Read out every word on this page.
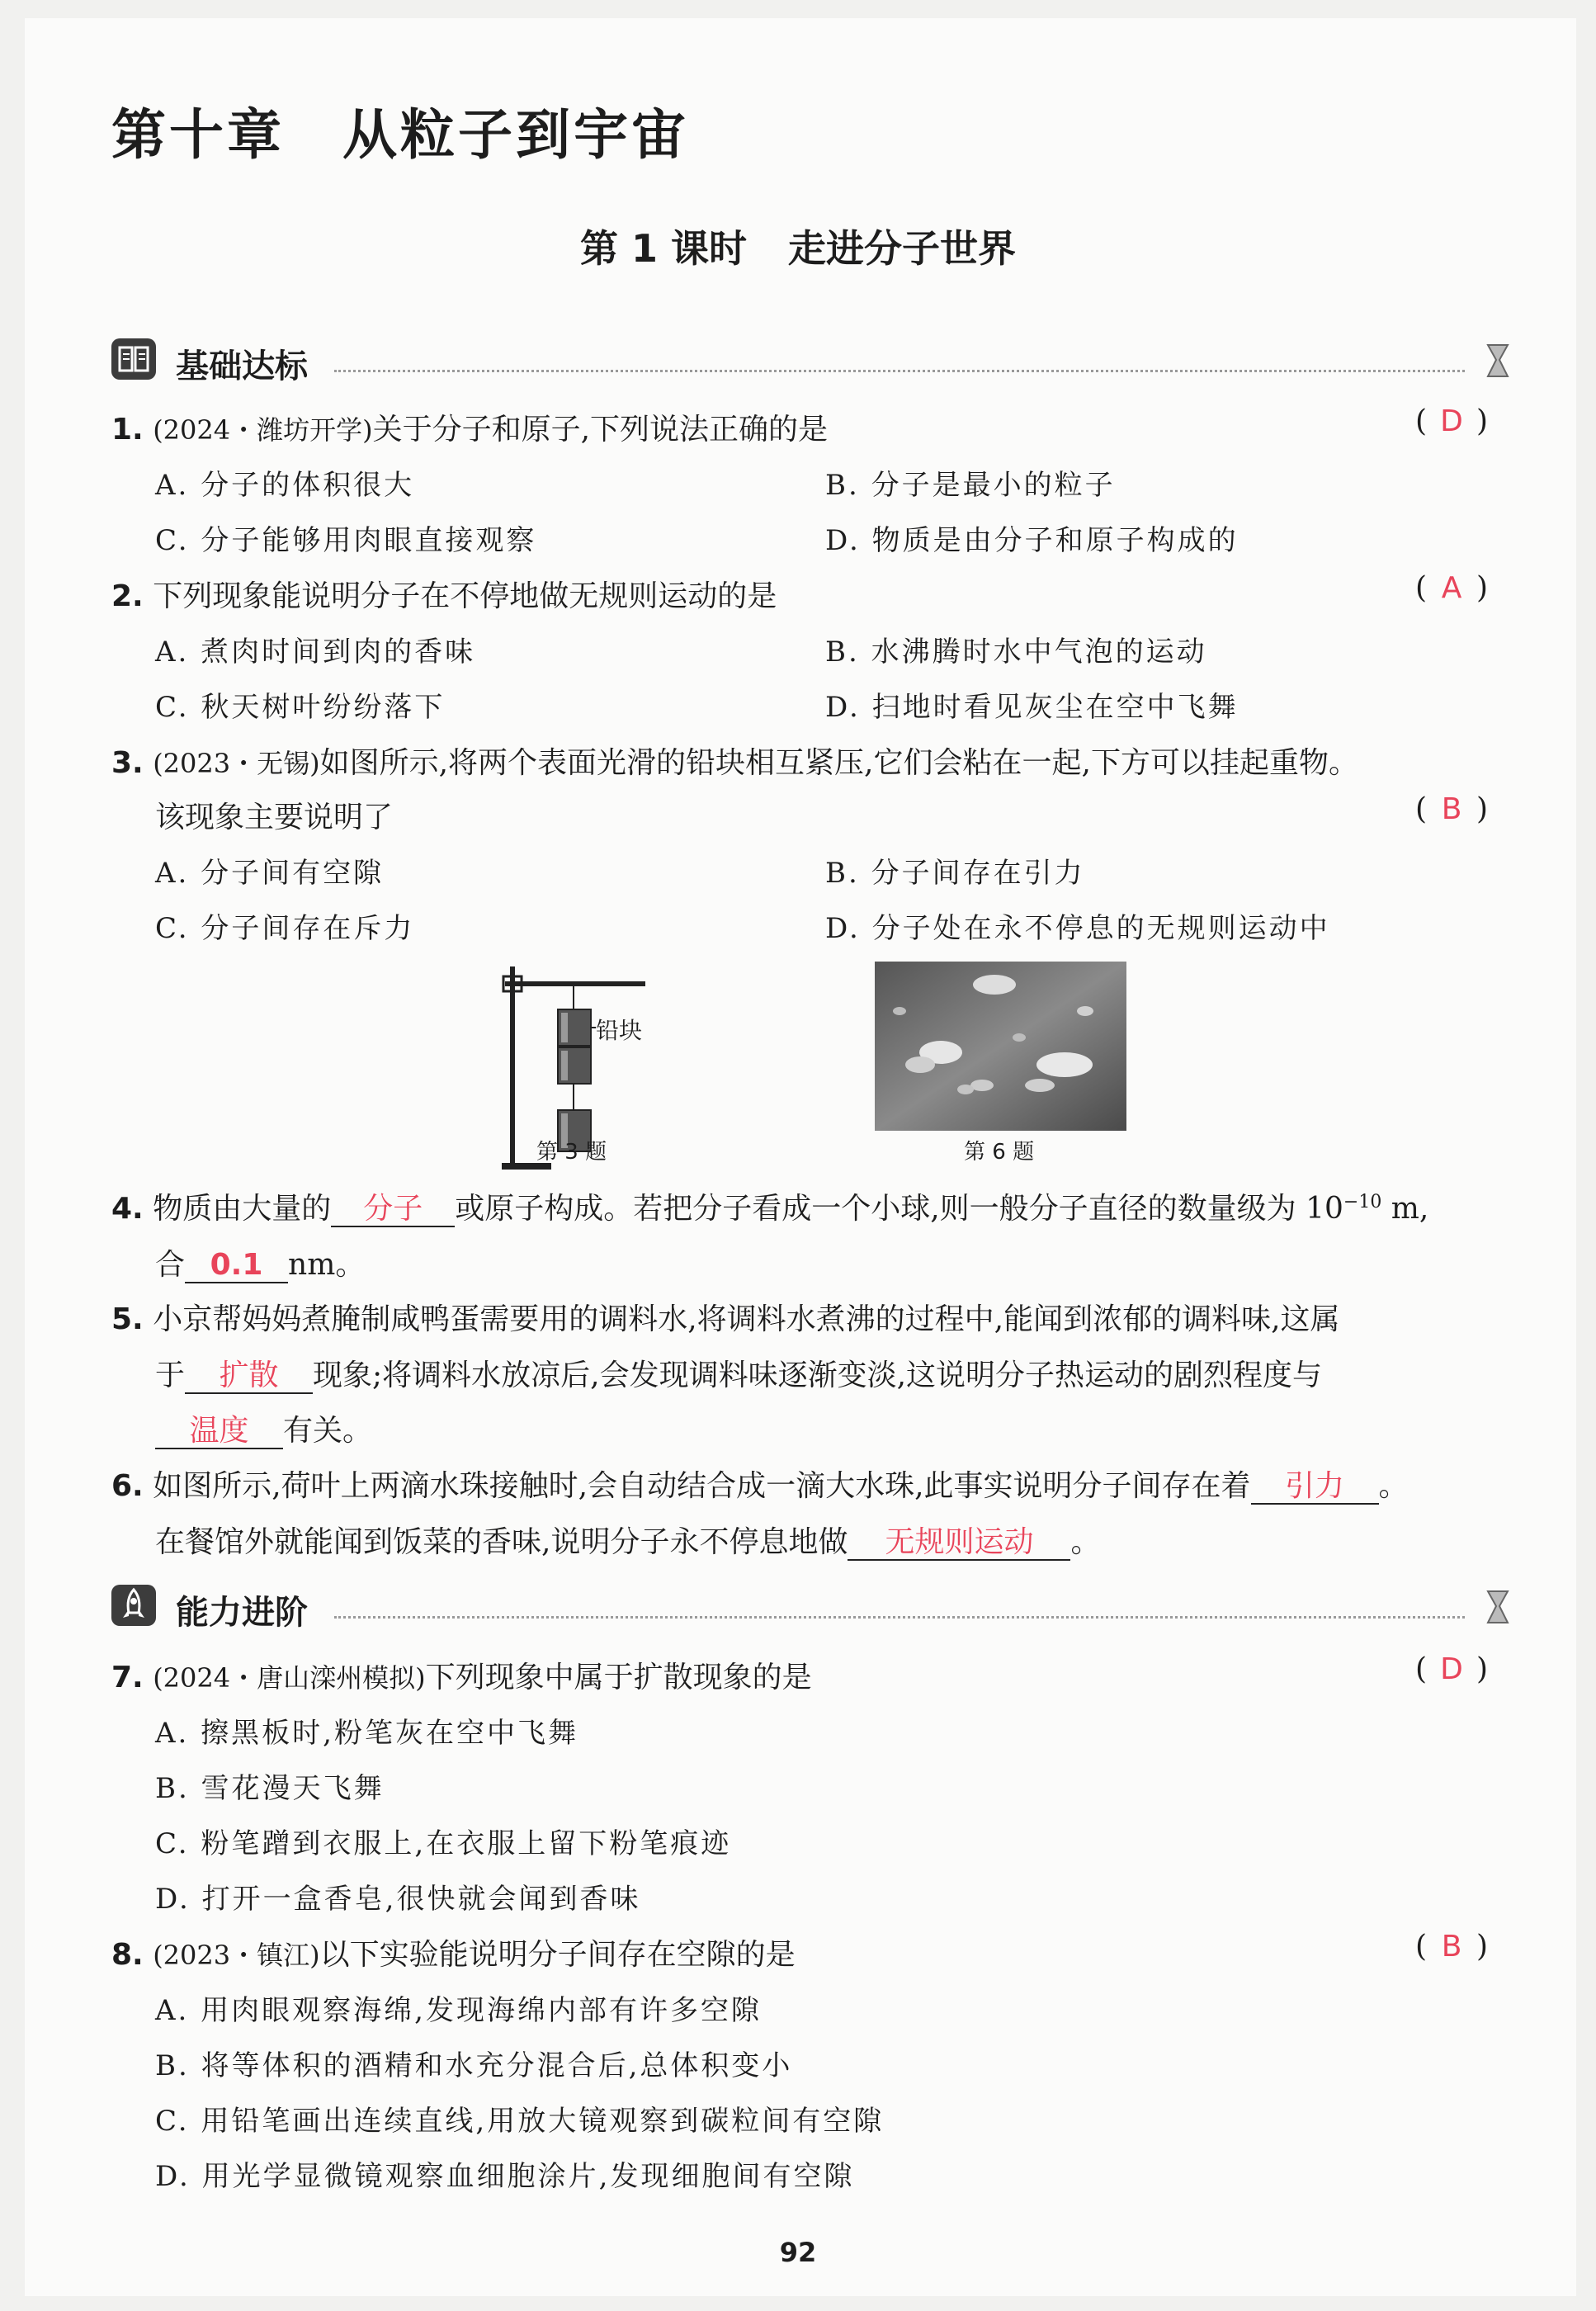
第十章 从粒子到宇宙
第 1 课时 走进分子世界
基础达标
1. (2024・潍坊开学)关于分子和原子,下列说法正确的是	( D )
A. 分子的体积很大	B. 分子是最小的粒子
C. 分子能够用肉眼直接观察	D. 物质是由分子和原子构成的
2. 下列现象能说明分子在不停地做无规则运动的是	( A )
A. 煮肉时间到肉的香味	B. 水沸腾时水中气泡的运动
C. 秋天树叶纷纷落下	D. 扫地时看见灰尘在空中飞舞
3. (2023・无锡)如图所示,将两个表面光滑的铅块相互紧压,它们会粘在一起,下方可以挂起重物。
该现象主要说明了	( B )
A. 分子间有空隙	B. 分子间存在引力
C. 分子间存在斥力	D. 分子处在永不停息的无规则运动中
铅块
第 3 题	第 6 题
4. 物质由大量的 分子 或原子构成。若把分子看成一个小球,则一般分子直径的数量级为 $10^{-10}$ m,
合 0.1 nm。
5. 小京帮妈妈煮腌制咸鸭蛋需要用的调料水,将调料水煮沸的过程中,能闻到浓郁的调料味,这属
于 扩散 现象;将调料水放凉后,会发现调料味逐渐变淡,这说明分子热运动的剧烈程度与
温度 有关。
6. 如图所示,荷叶上两滴水珠接触时,会自动结合成一滴大水珠,此事实说明分子间存在着 引力 。
在餐馆外就能闻到饭菜的香味,说明分子永不停息地做 无规则运动 。
能力进阶
7. (2024・唐山滦州模拟)下列现象中属于扩散现象的是	( D )
A. 擦黑板时,粉笔灰在空中飞舞
B. 雪花漫天飞舞
C. 粉笔蹭到衣服上,在衣服上留下粉笔痕迹
D. 打开一盒香皂,很快就会闻到香味
8. (2023・镇江)以下实验能说明分子间存在空隙的是	( B )
A. 用肉眼观察海绵,发现海绵内部有许多空隙
B. 将等体积的酒精和水充分混合后,总体积变小
C. 用铅笔画出连续直线,用放大镜观察到碳粒间有空隙
D. 用光学显微镜观察血细胞涂片,发现细胞间有空隙
92
